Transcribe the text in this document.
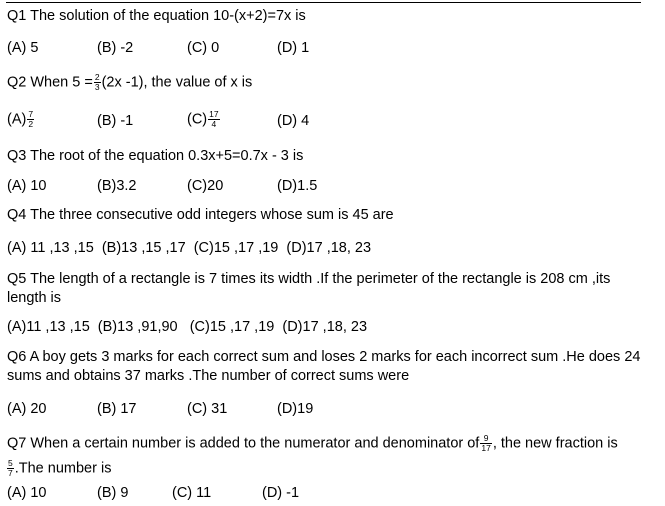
Q1 The solution of the equation 10-(x+2)=7x is
(A) 5	(B) -2	(C) 0	(D) 1
Q2 When $5 = \frac{2}{3} (2x$ -1), the value of x is
$(A) \frac{7}{2}$	(B) -1	$(C) \frac{17}{4}$	(D) 4
Q3 The root of the equation 0.3x+5=0.7x - 3 is
(A) 10	(B)3.2	(C)20	(D)1.5
Q4 The three consecutive odd integers whose sum is 45 are
(A) 11 ,13 ,15  (B)13 ,15 ,17  (C)15 ,17 ,19  (D)17 ,18, 23
Q5 The length of a rectangle is 7 times its width .If the perimeter of the rectangle is 208 cm ,its length is
(A)11 ,13 ,15  (B)13 ,91,90   (C)15 ,17 ,19  (D)17 ,18, 23
Q6 A boy gets 3 marks for each correct sum and loses 2 marks for each incorrect sum .He does 24 sums and obtains 37 marks .The number of correct sums were
(A) 20	(B) 17	(C) 31	(D)19
Q7 When a certain number is added to the numerator and denominator of $\frac{9}{17}$ , the new fraction is
$\frac{5}{7} .The$ number is
(A) 10	(B) 9	(C) 11	(D) -1
